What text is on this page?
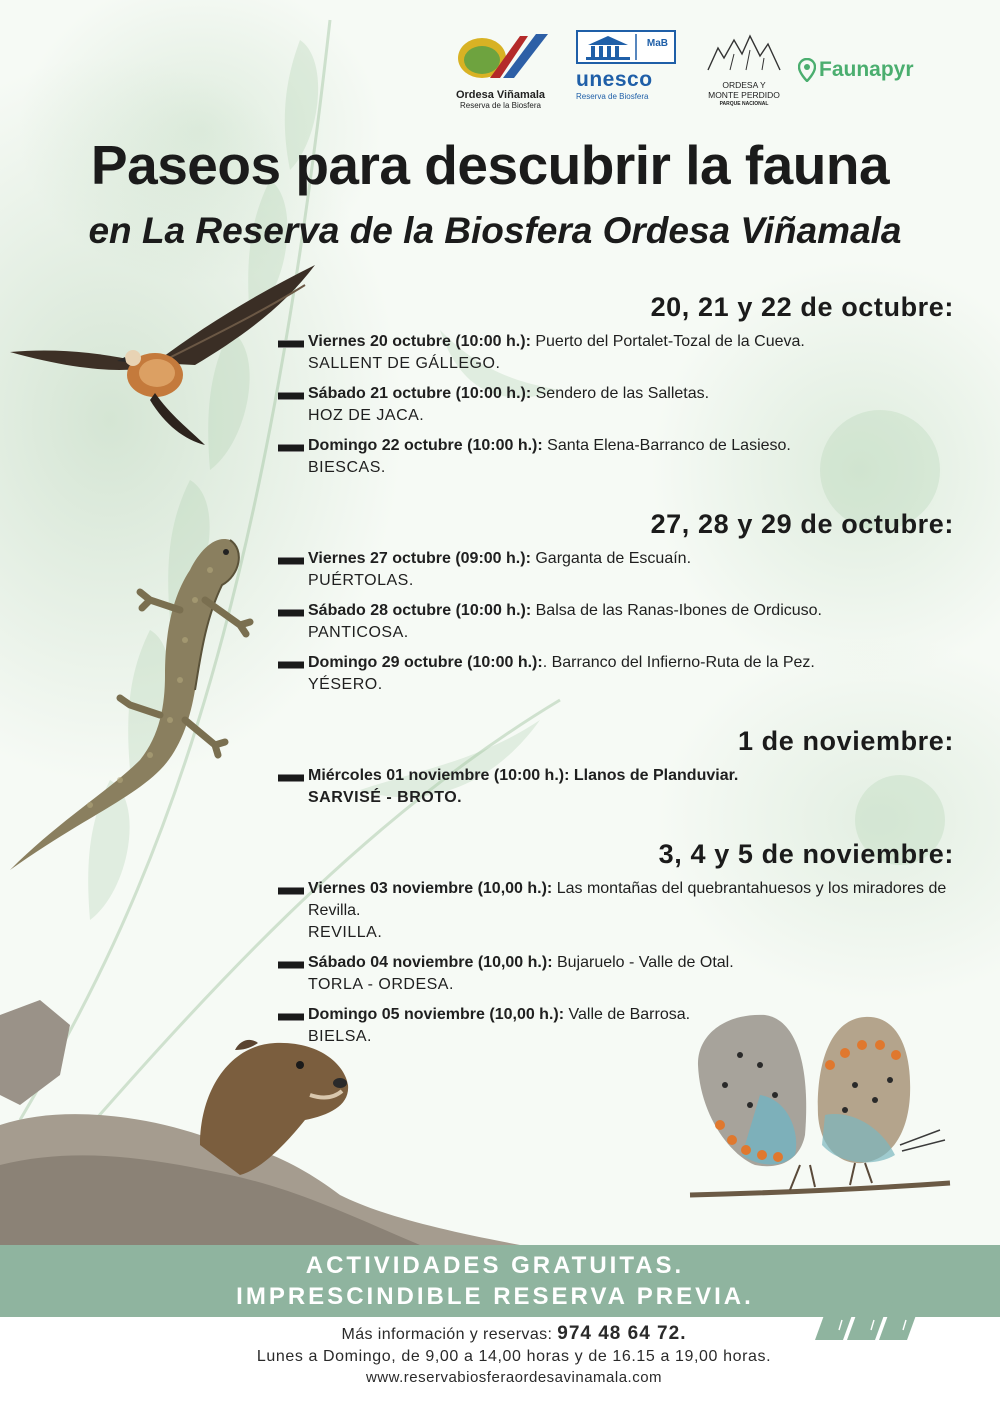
Ordesa Viñamala
Reserva de la Biosfera
MaB
unesco
Reserva de Biosfera
ORDESA Y
MONTE PERDIDO
PARQUE NACIONAL
Faunapyr
Paseos para descubrir la fauna
en La Reserva de la Biosfera Ordesa Viñamala
20, 21 y 22 de octubre:
Viernes 20 octubre (10:00 h.): Puerto del Portalet-Tozal de la Cueva.
SALLENT DE GÁLLEGO.
Sábado 21 octubre (10:00 h.): Sendero de las Salletas.
HOZ DE JACA.
Domingo 22 octubre (10:00 h.): Santa Elena-Barranco de Lasieso.
BIESCAS.
27, 28 y 29 de octubre:
Viernes 27 octubre (09:00 h.): Garganta de Escuaín.
PUÉRTOLAS.
Sábado 28 octubre (10:00 h.): Balsa de las Ranas-Ibones de Ordicuso.
PANTICOSA.
Domingo 29 octubre (10:00 h.):. Barranco del Infierno-Ruta de la Pez.
YÉSERO.
1 de noviembre:
Miércoles 01 noviembre (10:00 h.): Llanos de Planduviar.
SARVISÉ - BROTO.
3, 4 y 5 de noviembre:
Viernes 03 noviembre (10,00 h.): Las montañas del quebrantahuesos y los miradores de Revilla.
REVILLA.
Sábado 04 noviembre (10,00 h.): Bujaruelo - Valle de Otal.
TORLA - ORDESA.
Domingo 05 noviembre (10,00 h.): Valle de Barrosa.
BIELSA.
ACTIVIDADES GRATUITAS.
IMPRESCINDIBLE RESERVA PREVIA.
Más información y reservas: 974 48 64 72.
Lunes a Domingo, de 9,00 a 14,00 horas y de 16.15 a 19,00 horas.
www.reservabiosferaordesavinamala.com
